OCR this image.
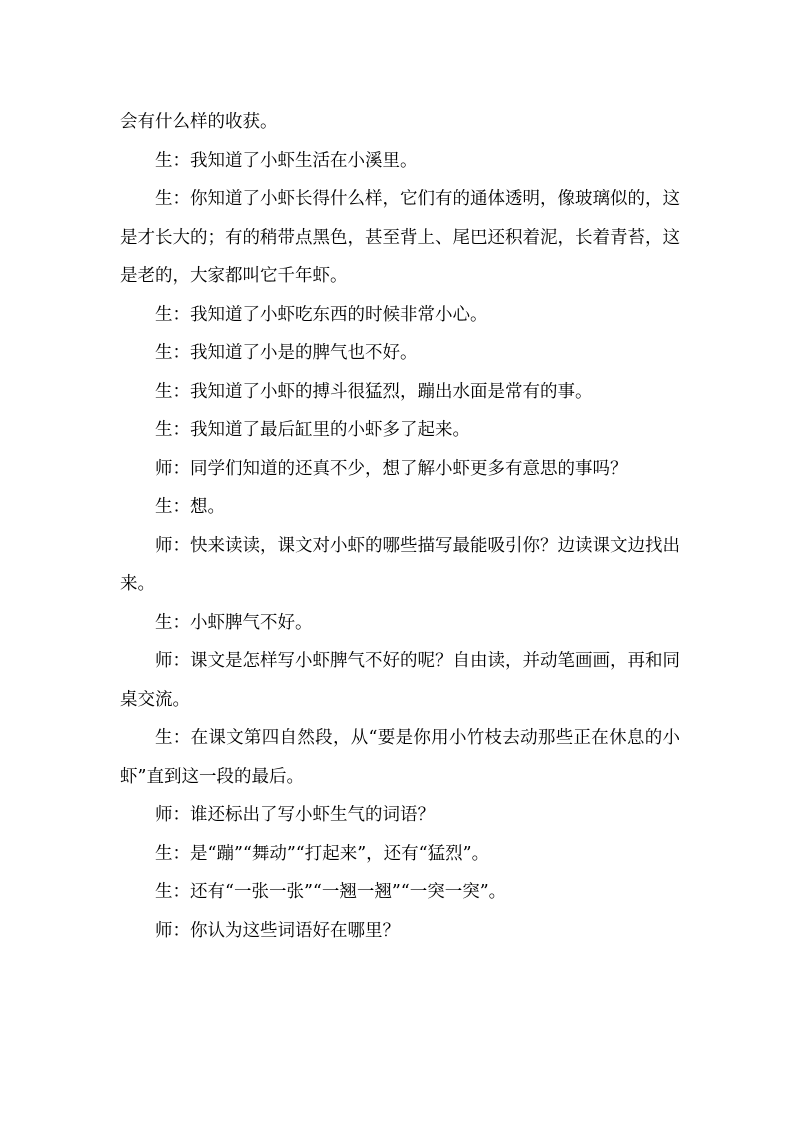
会有什么样的收获。

生：我知道了小虾生活在小溪里。

生：你知道了小虾长得什么样，它们有的通体透明，像玻璃似的，这是才长大的；有的稍带点黑色，甚至背上、尾巴还积着泥，长着青苔，这是老的，大家都叫它千年虾。

生：我知道了小虾吃东西的时候非常小心。

生：我知道了小是的脾气也不好。

生：我知道了小虾的搏斗很猛烈，蹦出水面是常有的事。

生：我知道了最后缸里的小虾多了起来。

师：同学们知道的还真不少，想了解小虾更多有意思的事吗？

生：想。

师：快来读读，课文对小虾的哪些描写最能吸引你？边读课文边找出来。

生：小虾脾气不好。

师：课文是怎样写小虾脾气不好的呢？自由读，并动笔画画，再和同桌交流。

生：在课文第四自然段，从“要是你用小竹枝去动那些正在休息的小虾”直到这一段的最后。

师：谁还标出了写小虾生气的词语？

生：是“蹦”“舞动”“打起来”，还有“猛烈”。

生：还有“一张一张”“一翘一翘”“一突一突”。

师：你认为这些词语好在哪里？
